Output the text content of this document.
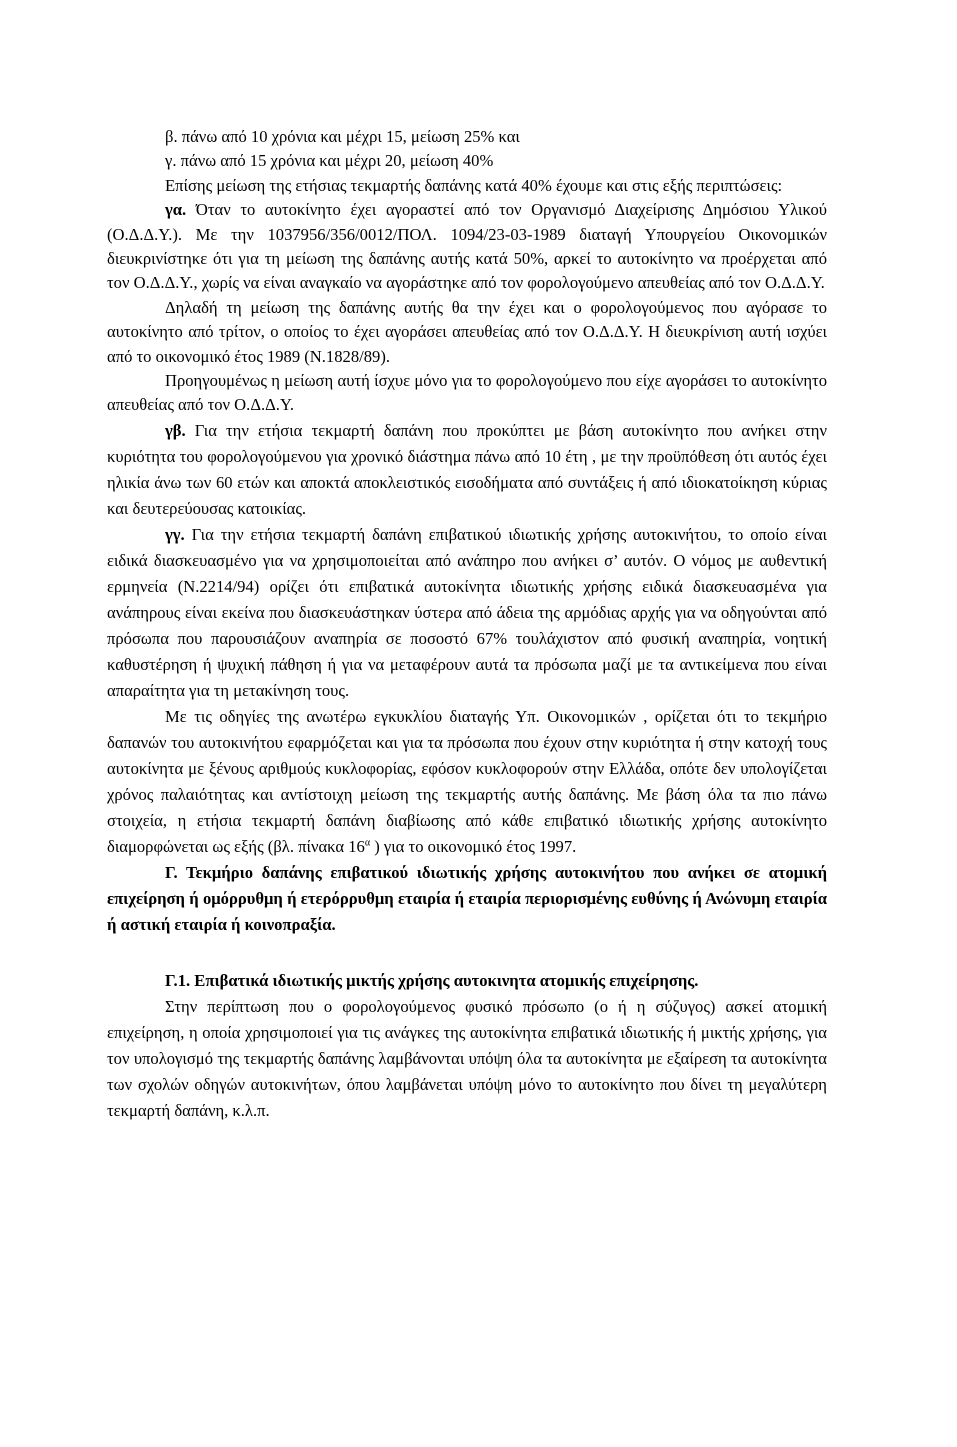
β. πάνω από 10 χρόνια και μέχρι 15, μείωση 25% και

γ. πάνω από 15 χρόνια και μέχρι 20, μείωση 40%

Επίσης μείωση της ετήσιας τεκμαρτής δαπάνης κατά 40% έχουμε και στις εξής περιπτώσεις:

γα. Όταν το αυτοκίνητο έχει αγοραστεί από τον Οργανισμό Διαχείρισης Δημόσιου Υλικού (Ο.Δ.Δ.Υ.). Με την 1037956/356/0012/ΠΟΛ. 1094/23-03-1989 διαταγή Υπουργείου Οικονομικών διευκρινίστηκε ότι για τη μείωση της δαπάνης αυτής κατά 50%, αρκεί το αυτοκίνητο να προέρχεται από τον Ο.Δ.Δ.Υ., χωρίς να είναι αναγκαίο να αγοράστηκε από τον φορολογούμενο απευθείας από τον Ο.Δ.Δ.Υ.

Δηλαδή τη μείωση της δαπάνης αυτής θα την έχει και ο φορολογούμενος που αγόρασε το αυτοκίνητο από τρίτον, ο οποίος το έχει αγοράσει απευθείας από τον Ο.Δ.Δ.Υ. Η διευκρίνιση αυτή ισχύει από το οικονομικό έτος 1989 (Ν.1828/89).

Προηγουμένως η μείωση αυτή ίσχυε μόνο για το φορολογούμενο που είχε αγοράσει το αυτοκίνητο απευθείας από τον Ο.Δ.Δ.Υ.

γβ. Για την ετήσια τεκμαρτή δαπάνη που προκύπτει με βάση αυτοκίνητο που ανήκει στην κυριότητα του φορολογούμενου για χρονικό διάστημα πάνω από 10 έτη , με την προϋπόθεση ότι αυτός έχει ηλικία άνω των 60 ετών και αποκτά αποκλειστικός εισοδήματα από συντάξεις ή από ιδιοκατοίκηση κύριας και δευτερεύουσας κατοικίας.

γγ. Για την ετήσια τεκμαρτή δαπάνη επιβατικού ιδιωτικής χρήσης αυτοκινήτου, το οποίο είναι ειδικά διασκευασμένο για να χρησιμοποιείται από ανάπηρο που ανήκει σ’ αυτόν. Ο νόμος με αυθεντική ερμηνεία (Ν.2214/94) ορίζει ότι επιβατικά αυτοκίνητα ιδιωτικής χρήσης ειδικά διασκευασμένα για ανάπηρους είναι εκείνα που διασκευάστηκαν ύστερα από άδεια της αρμόδιας αρχής για να οδηγούνται από πρόσωπα που παρουσιάζουν αναπηρία σε ποσοστό 67% τουλάχιστον από φυσική αναπηρία, νοητική καθυστέρηση ή ψυχική πάθηση ή για να μεταφέρουν αυτά τα πρόσωπα μαζί με τα αντικείμενα που είναι απαραίτητα για τη μετακίνηση τους.

Με τις οδηγίες της ανωτέρω εγκυκλίου διαταγής Υπ. Οικονομικών , ορίζεται ότι το τεκμήριο δαπανών του αυτοκινήτου εφαρμόζεται και για τα πρόσωπα που έχουν στην κυριότητα ή στην κατοχή τους αυτοκίνητα με ξένους αριθμούς κυκλοφορίας, εφόσον κυκλοφορούν στην Ελλάδα, οπότε δεν υπολογίζεται χρόνος παλαιότητας και αντίστοιχη μείωση της τεκμαρτής αυτής δαπάνης. Με βάση όλα τα πιο πάνω στοιχεία, η ετήσια τεκμαρτή δαπάνη διαβίωσης από κάθε επιβατικό ιδιωτικής χρήσης αυτοκίνητο διαμορφώνεται ως εξής (βλ. πίνακα $16^\alpha$ ) για το οικονομικό έτος 1997.

Γ. Τεκμήριο δαπάνης επιβατικού ιδιωτικής χρήσης αυτοκινήτου που ανήκει σε ατομική επιχείρηση ή ομόρρυθμη ή ετερόρρυθμη εταιρία ή εταιρία περιορισμένης ευθύνης ή Ανώνυμη εταιρία ή αστική εταιρία ή κοινοπραξία.

Γ.1. Επιβατικά ιδιωτικής μικτής χρήσης αυτοκινητα ατομικής επιχείρησης.

Στην περίπτωση που ο φορολογούμενος φυσικό πρόσωπο (ο ή η σύζυγος) ασκεί ατομική επιχείρηση, η οποία χρησιμοποιεί για τις ανάγκες της αυτοκίνητα επιβατικά ιδιωτικής ή μικτής χρήσης, για τον υπολογισμό της τεκμαρτής δαπάνης λαμβάνονται υπόψη όλα τα αυτοκίνητα με εξαίρεση τα αυτοκίνητα των σχολών οδηγών αυτοκινήτων, όπου λαμβάνεται υπόψη μόνο το αυτοκίνητο που δίνει τη μεγαλύτερη τεκμαρτή δαπάνη, κ.λ.π.
